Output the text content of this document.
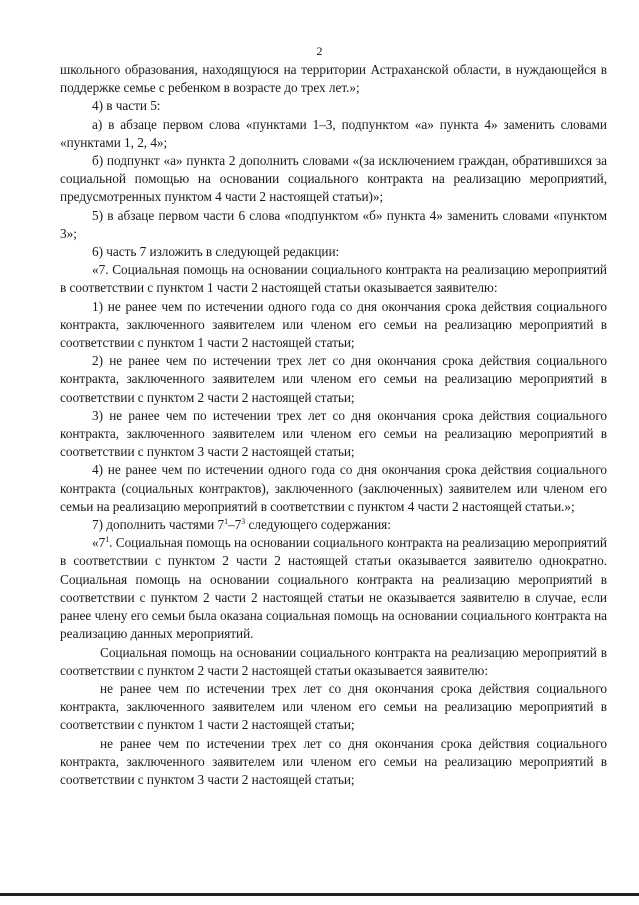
2

школьного образования, находящуюся на территории Астраханской области, в нуждающейся в поддержке семье с ребенком в возрасте до трех лет.»;

4) в части 5:

а) в абзаце первом слова «пунктами 1–3, подпунктом «а» пункта 4» заменить словами «пунктами 1, 2, 4»;

б) подпункт «а» пункта 2 дополнить словами «(за исключением граждан, обратившихся за социальной помощью на основании социального контракта на реализацию мероприятий, предусмотренных пунктом 4 части 2 настоящей статьи)»;

5) в абзаце первом части 6 слова «подпунктом «б» пункта 4» заменить словами «пунктом 3»;

6) часть 7 изложить в следующей редакции:

«7. Социальная помощь на основании социального контракта на реализацию мероприятий в соответствии с пунктом 1 части 2 настоящей статьи оказывается заявителю:

1) не ранее чем по истечении одного года со дня окончания срока действия социального контракта, заключенного заявителем или членом его семьи на реализацию мероприятий в соответствии с пунктом 1 части 2 настоящей статьи;

2) не ранее чем по истечении трех лет со дня окончания срока действия социального контракта, заключенного заявителем или членом его семьи на реализацию мероприятий в соответствии с пунктом 2 части 2 настоящей статьи;

3) не ранее чем по истечении трех лет со дня окончания срока действия социального контракта, заключенного заявителем или членом его семьи на реализацию мероприятий в соответствии с пунктом 3 части 2 настоящей статьи;

4) не ранее чем по истечении одного года со дня окончания срока действия социального контракта (социальных контрактов), заключенного (заключенных) заявителем или членом его семьи на реализацию мероприятий в соответствии с пунктом 4 части 2 настоящей статьи.»;

7) дополнить частями $7^1-7^3$ следующего содержания:

«$7^1$. Социальная помощь на основании социального контракта на реализацию мероприятий в соответствии с пунктом 2 части 2 настоящей статьи оказывается заявителю однократно. Социальная помощь на основании социального контракта на реализацию мероприятий в соответствии с пунктом 2 части 2 настоящей статьи не оказывается заявителю в случае, если ранее члену его семьи была оказана социальная помощь на основании социального контракта на реализацию данных мероприятий.

Социальная помощь на основании социального контракта на реализацию мероприятий в соответствии с пунктом 2 части 2 настоящей статьи оказывается заявителю:

не ранее чем по истечении трех лет со дня окончания срока действия социального контракта, заключенного заявителем или членом его семьи на реализацию мероприятий в соответствии с пунктом 1 части 2 настоящей статьи;

не ранее чем по истечении трех лет со дня окончания срока действия социального контракта, заключенного заявителем или членом его семьи на реализацию мероприятий в соответствии с пунктом 3 части 2 настоящей статьи;
